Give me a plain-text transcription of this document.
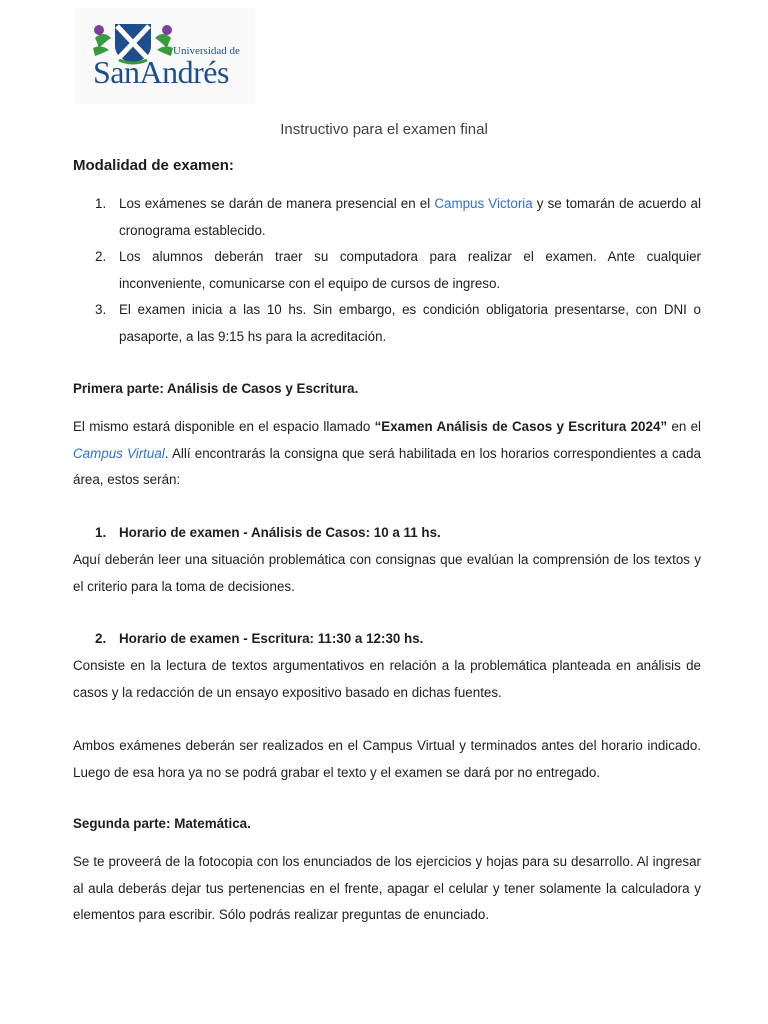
Universidad de
SanAndrés
Instructivo para el examen final
Modalidad de examen:
1. Los exámenes se darán de manera presencial en el Campus Victoria y se tomarán de acuerdo al cronograma establecido.
2. Los alumnos deberán traer su computadora para realizar el examen. Ante cualquier inconveniente, comunicarse con el equipo de cursos de ingreso.
3. El examen inicia a las 10 hs. Sin embargo, es condición obligatoria presentarse, con DNI o pasaporte, a las 9:15 hs para la acreditación.
Primera parte: Análisis de Casos y Escritura.
El mismo estará disponible en el espacio llamado “Examen Análisis de Casos y Escritura 2024” en el Campus Virtual. Allí encontrarás la consigna que será habilitada en los horarios correspondientes a cada área, estos serán:
1. Horario de examen - Análisis de Casos: 10 a 11 hs.
Aquí deberán leer una situación problemática con consignas que evalúan la comprensión de los textos y el criterio para la toma de decisiones.
2. Horario de examen - Escritura: 11:30 a 12:30 hs.
Consiste en la lectura de textos argumentativos en relación a la problemática planteada en análisis de casos y la redacción de un ensayo expositivo basado en dichas fuentes.
Ambos exámenes deberán ser realizados en el Campus Virtual y terminados antes del horario indicado. Luego de esa hora ya no se podrá grabar el texto y el examen se dará por no entregado.
Segunda parte: Matemática.
Se te proveerá de la fotocopia con los enunciados de los ejercicios y hojas para su desarrollo. Al ingresar al aula deberás dejar tus pertenencias en el frente, apagar el celular y tener solamente la calculadora y elementos para escribir. Sólo podrás realizar preguntas de enunciado.
